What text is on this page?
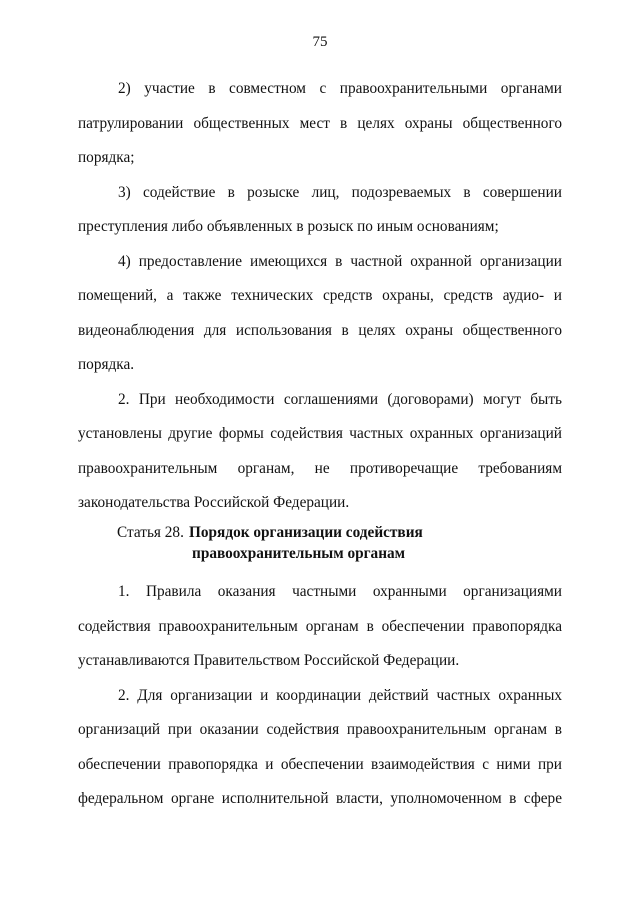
75

2) участие в совместном с правоохранительными органами патрулировании общественных мест в целях охраны общественного порядка;

3) содействие в розыске лиц, подозреваемых в совершении преступления либо объявленных в розыск по иным основаниям;

4) предоставление имеющихся в частной охранной организации помещений, а также технических средств охраны, средств аудио- и видеонаблюдения для использования в целях охраны общественного порядка.

2. При необходимости соглашениями (договорами) могут быть установлены другие формы содействия частных охранных организаций правоохранительным органам, не противоречащие требованиям законодательства Российской Федерации.

Статья 28. Порядок организации содействия
правоохранительным органам

1. Правила оказания частными охранными организациями содействия правоохранительным органам в обеспечении правопорядка устанавливаются Правительством Российской Федерации.

2. Для организации и координации действий частных охранных организаций при оказании содействия правоохранительным органам в обеспечении правопорядка и обеспечении взаимодействия с ними при федеральном органе исполнительной власти, уполномоченном в сфере
